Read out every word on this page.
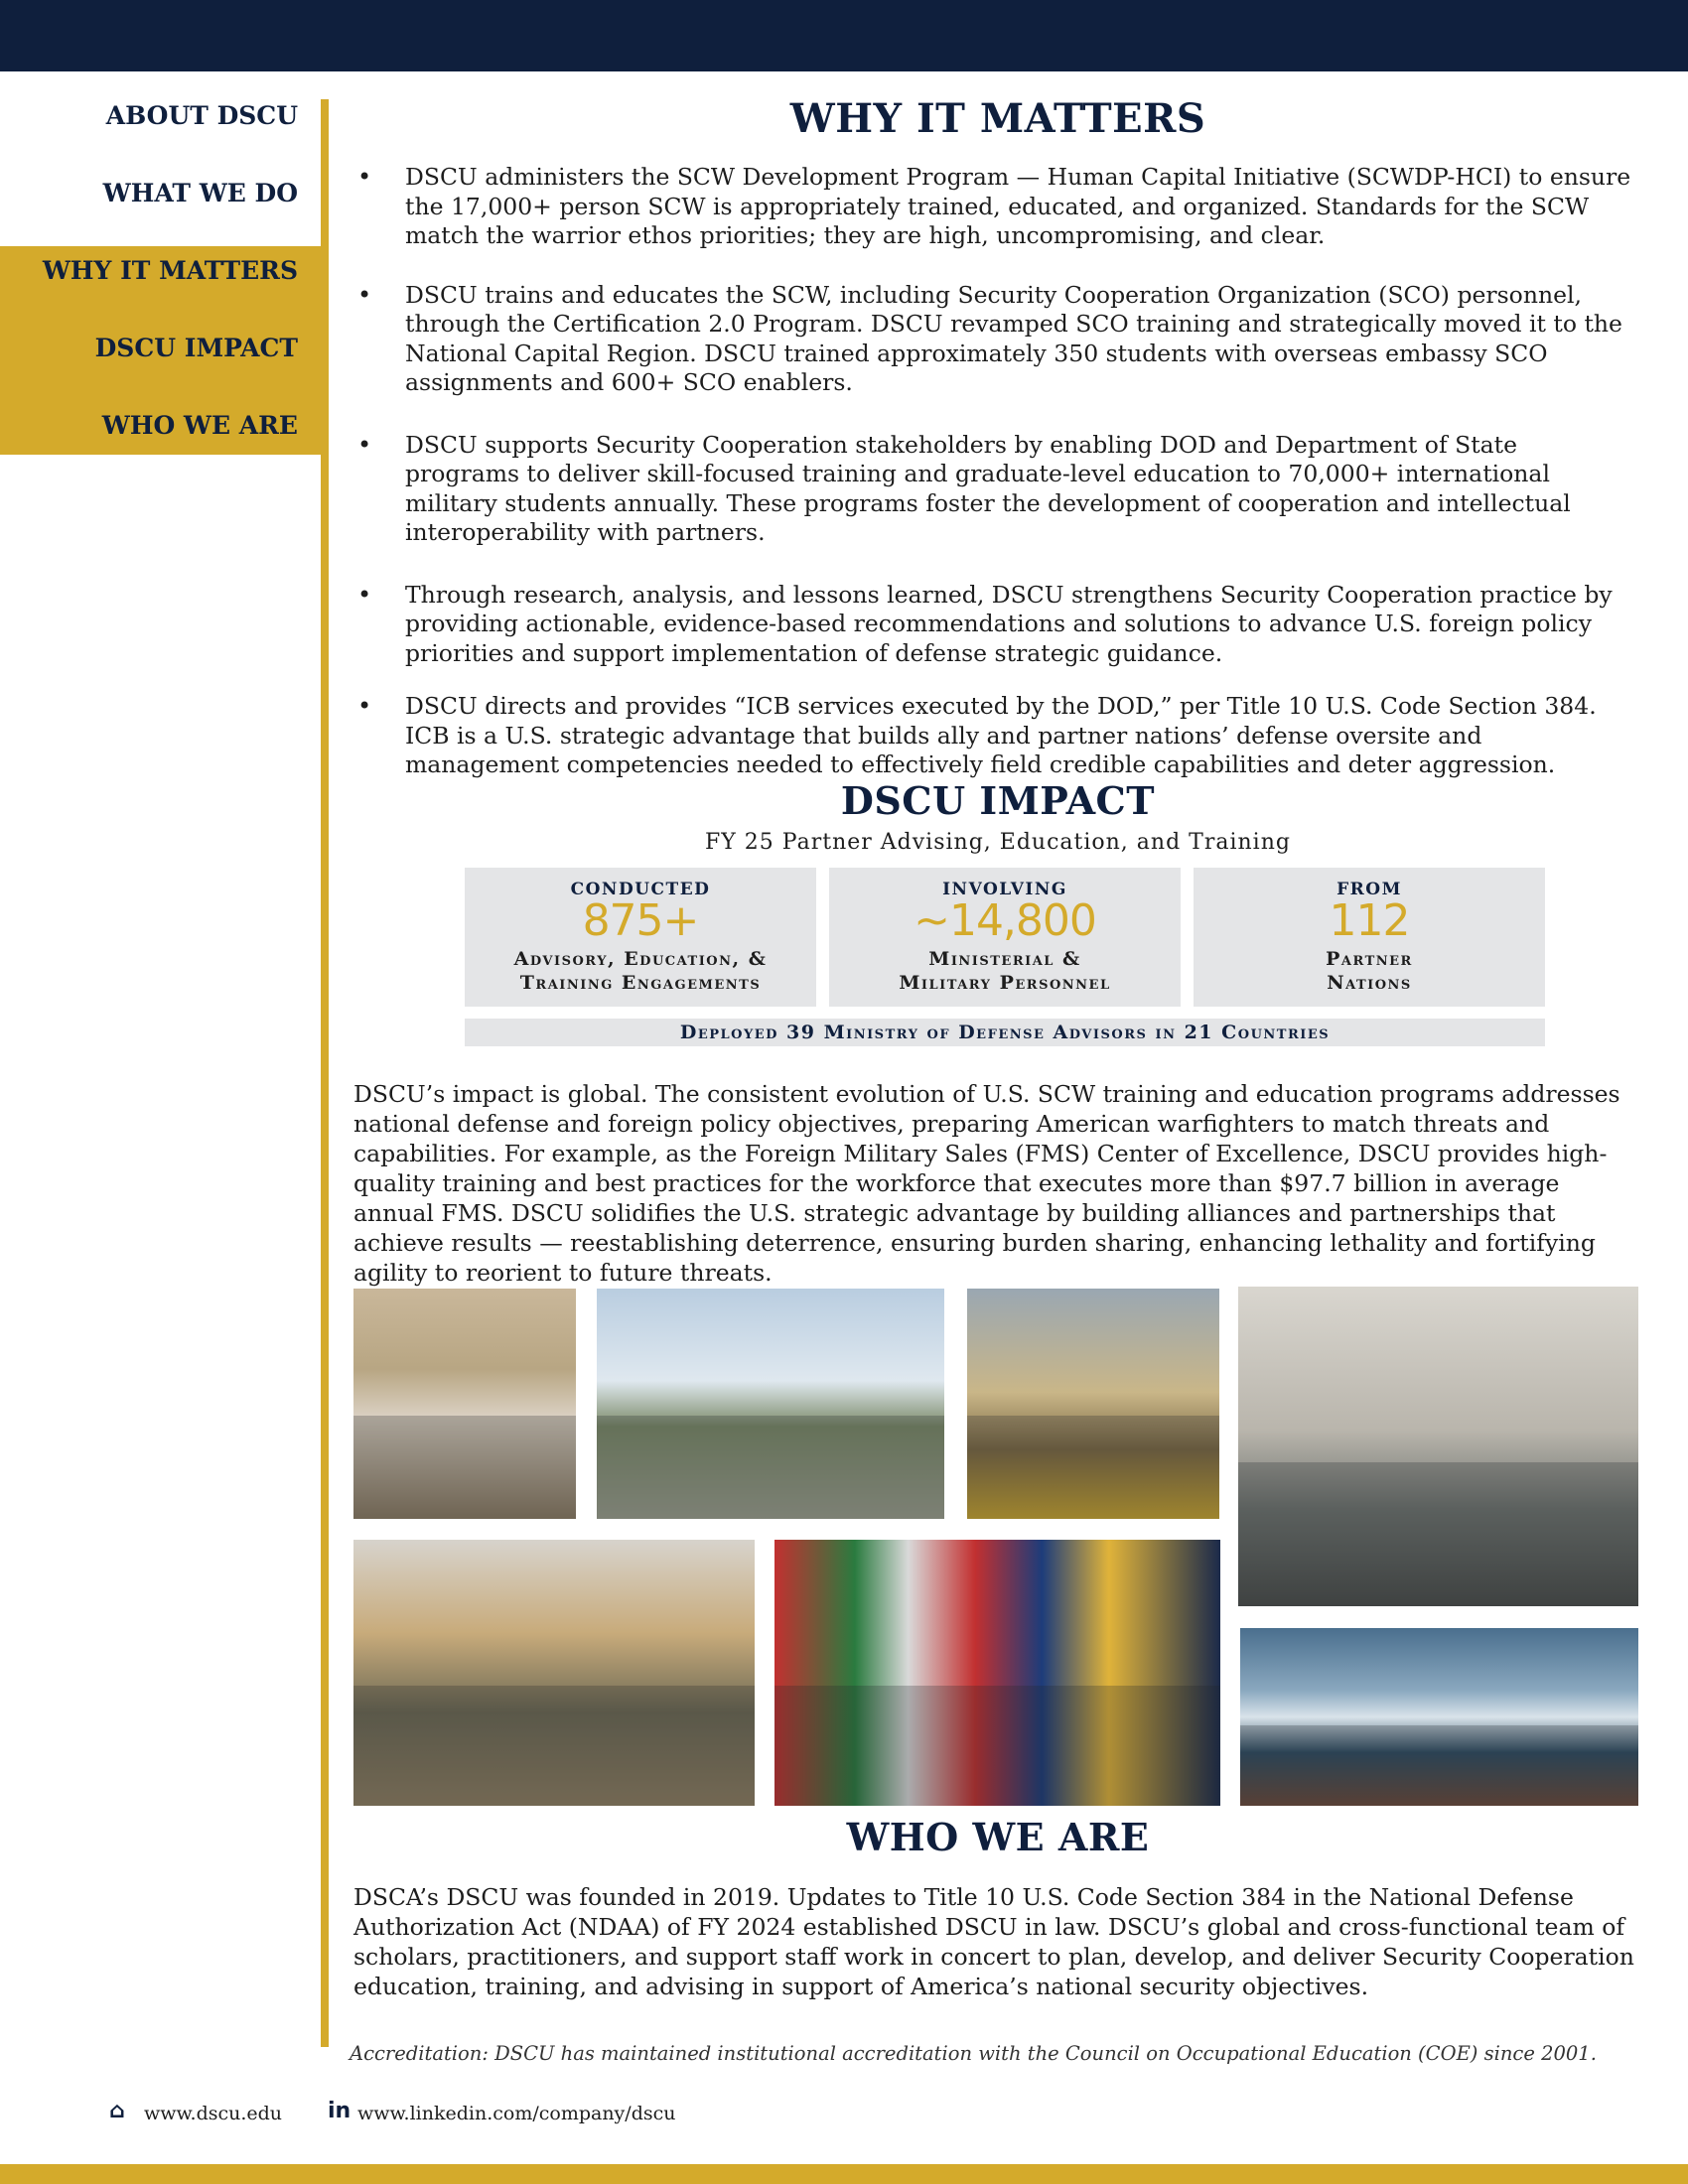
ABOUT DSCU
WHAT WE DO
WHY IT MATTERS
DSCU IMPACT
WHO WE ARE
WHY IT MATTERS
• DSCU administers the SCW Development Program — Human Capital Initiative (SCWDP-HCI) to ensure the 17,000+ person SCW is appropriately trained, educated, and organized. Standards for the SCW match the warrior ethos priorities; they are high, uncompromising, and clear.
• DSCU trains and educates the SCW, including Security Cooperation Organization (SCO) personnel, through the Certification 2.0 Program. DSCU revamped SCO training and strategically moved it to the National Capital Region. DSCU trained approximately 350 students with overseas embassy SCO assignments and 600+ SCO enablers.
• DSCU supports Security Cooperation stakeholders by enabling DOD and Department of State programs to deliver skill-focused training and graduate-level education to 70,000+ international military students annually. These programs foster the development of cooperation and intellectual interoperability with partners.
• Through research, analysis, and lessons learned, DSCU strengthens Security Cooperation practice by providing actionable, evidence-based recommendations and solutions to advance U.S. foreign policy priorities and support implementation of defense strategic guidance.
• DSCU directs and provides “ICB services executed by the DOD,” per Title 10 U.S. Code Section 384. ICB is a U.S. strategic advantage that builds ally and partner nations’ defense oversite and management competencies needed to effectively field credible capabilities and deter aggression.
DSCU IMPACT
FY 25 Partner Advising, Education, and Training
CONDUCTED
875+
Advisory, Education, &
Training Engagements
INVOLVING
~14,800
Ministerial &
Military Personnel
FROM
112
Partner
Nations
Deployed 39 Ministry of Defense Advisors in 21 Countries

DSCU’s impact is global. The consistent evolution of U.S. SCW training and education programs addresses national defense and foreign policy objectives, preparing American warfighters to match threats and capabilities. For example, as the Foreign Military Sales (FMS) Center of Excellence, DSCU provides high-quality training and best practices for the workforce that executes more than $97.7 billion in average annual FMS. DSCU solidifies the U.S. strategic advantage by building alliances and partnerships that achieve results — reestablishing deterrence, ensuring burden sharing, enhancing lethality and fortifying agility to reorient to future threats.

WHO WE ARE

DSCA’s DSCU was founded in 2019. Updates to Title 10 U.S. Code Section 384 in the National Defense Authorization Act (NDAA) of FY 2024 established DSCU in law. DSCU’s global and cross-functional team of scholars, practitioners, and support staff work in concert to plan, develop, and deliver Security Cooperation education, training, and advising in support of America’s national security objectives.

Accreditation: DSCU has maintained institutional accreditation with the Council on Occupational Education (COE) since 2001.

⌂ www.dscu.edu in www.linkedin.com/company/dscu
